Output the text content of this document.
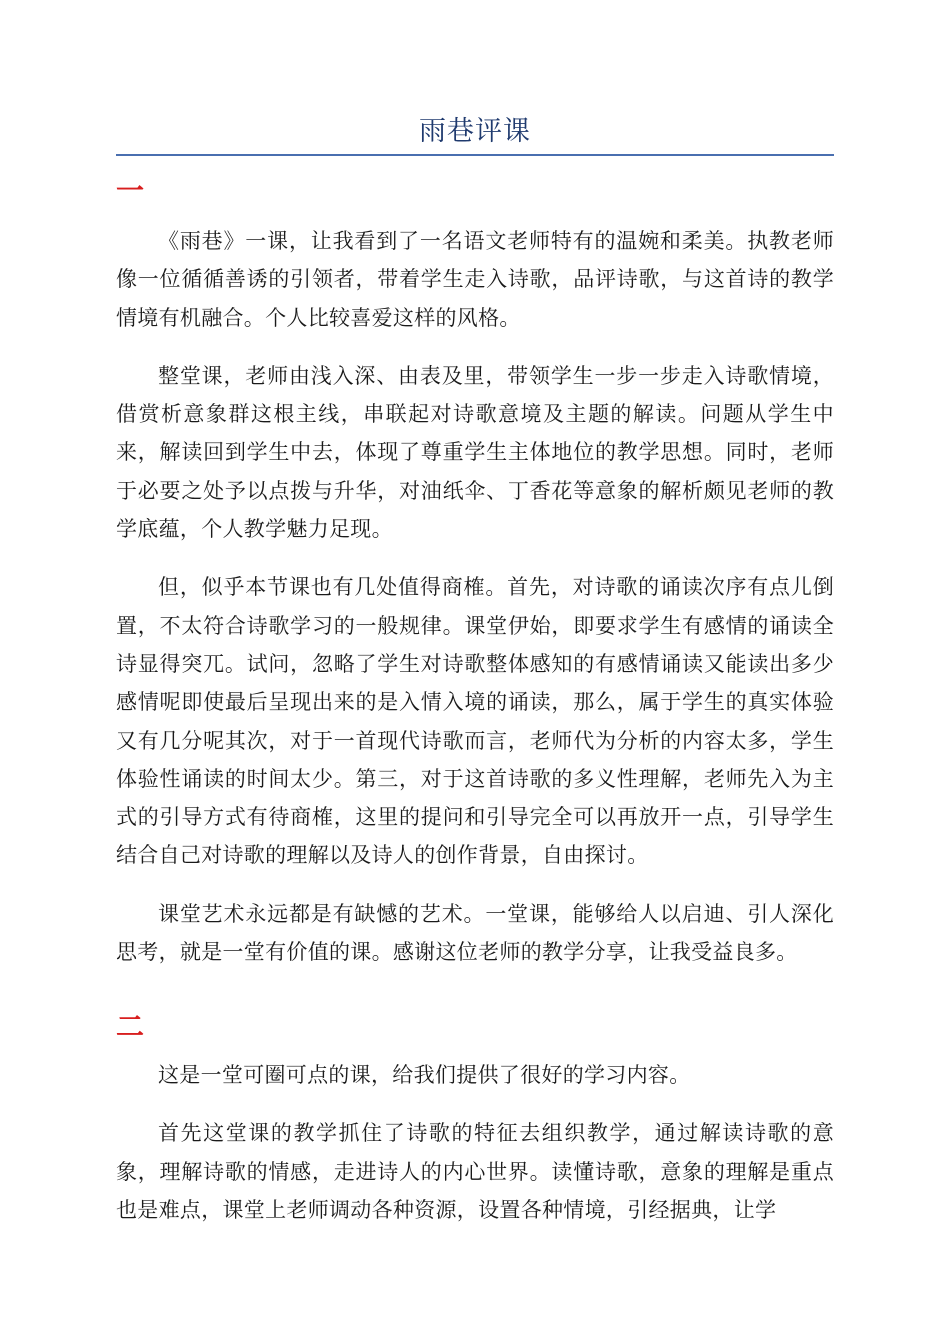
雨巷评课
一

《雨巷》一课，让我看到了一名语文老师特有的温婉和柔美。执教老师像一位循循善诱的引领者，带着学生走入诗歌，品评诗歌，与这首诗的教学情境有机融合。个人比较喜爱这样的风格。

整堂课，老师由浅入深、由表及里，带领学生一步一步走入诗歌情境，借赏析意象群这根主线，串联起对诗歌意境及主题的解读。问题从学生中来，解读回到学生中去，体现了尊重学生主体地位的教学思想。同时，老师于必要之处予以点拨与升华，对油纸伞、丁香花等意象的解析颇见老师的教学底蕴，个人教学魅力足现。

但，似乎本节课也有几处值得商榷。首先，对诗歌的诵读次序有点儿倒置，不太符合诗歌学习的一般规律。课堂伊始，即要求学生有感情的诵读全诗显得突兀。试问，忽略了学生对诗歌整体感知的有感情诵读又能读出多少感情呢即使最后呈现出来的是入情入境的诵读，那么，属于学生的真实体验又有几分呢其次，对于一首现代诗歌而言，老师代为分析的内容太多，学生体验性诵读的时间太少。第三，对于这首诗歌的多义性理解，老师先入为主式的引导方式有待商榷，这里的提问和引导完全可以再放开一点，引导学生结合自己对诗歌的理解以及诗人的创作背景，自由探讨。

课堂艺术永远都是有缺憾的艺术。一堂课，能够给人以启迪、引人深化思考，就是一堂有价值的课。感谢这位老师的教学分享，让我受益良多。

二

这是一堂可圈可点的课，给我们提供了很好的学习内容。

首先这堂课的教学抓住了诗歌的特征去组织教学，通过解读诗歌的意象，理解诗歌的情感，走进诗人的内心世界。读懂诗歌，意象的理解是重点也是难点，课堂上老师调动各种资源，设置各种情境，引经据典，让学
